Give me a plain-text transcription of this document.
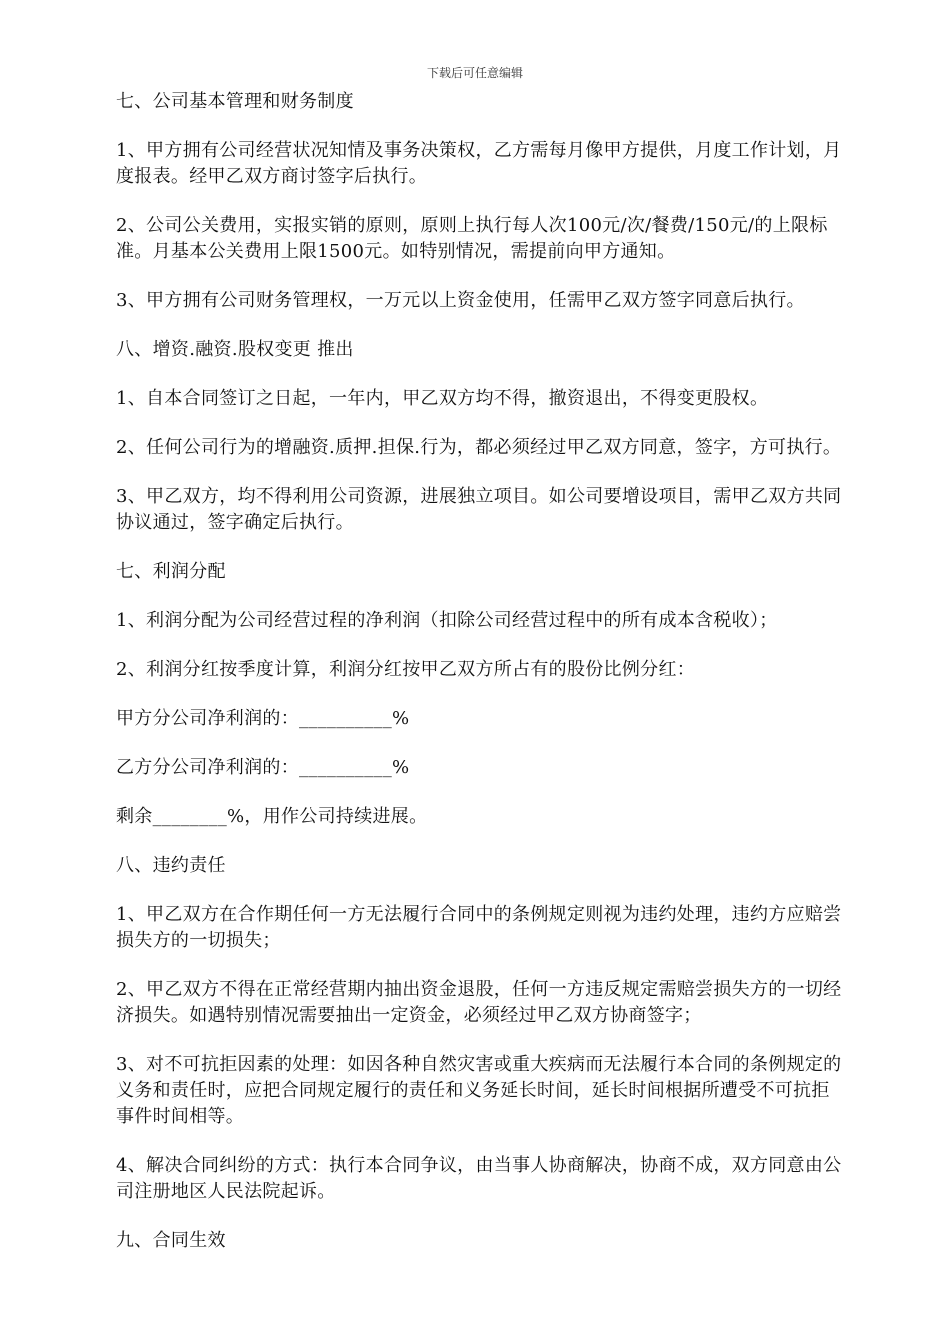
下载后可任意编辑

七、公司基本管理和财务制度

1、甲方拥有公司经营状况知情及事务决策权，乙方需每月像甲方提供，月度工作计划，月度报表。经甲乙双方商讨签字后执行。

2、公司公关费用，实报实销的原则，原则上执行每人次100元/次/餐费/150元/的上限标准。月基本公关费用上限1500元。如特别情况，需提前向甲方通知。

3、甲方拥有公司财务管理权，一万元以上资金使用，任需甲乙双方签字同意后执行。

八、增资.融资.股权变更 推出

1、自本合同签订之日起，一年内，甲乙双方均不得，撤资退出，不得变更股权。

2、任何公司行为的增融资.质押.担保.行为，都必须经过甲乙双方同意，签字，方可执行。

3、甲乙双方，均不得利用公司资源，进展独立项目。如公司要增设项目，需甲乙双方共同协议通过，签字确定后执行。

七、利润分配

1、利润分配为公司经营过程的净利润（扣除公司经营过程中的所有成本含税收）；

2、利润分红按季度计算，利润分红按甲乙双方所占有的股份比例分红：

甲方分公司净利润的：__________%

乙方分公司净利润的：__________%

剩余________%，用作公司持续进展。

八、违约责任

1、甲乙双方在合作期任何一方无法履行合同中的条例规定则视为违约处理，违约方应赔尝损失方的一切损失；

2、甲乙双方不得在正常经营期内抽出资金退股，任何一方违反规定需赔尝损失方的一切经济损失。如遇特别情况需要抽出一定资金，必须经过甲乙双方协商签字；

3、对不可抗拒因素的处理：如因各种自然灾害或重大疾病而无法履行本合同的条例规定的义务和责任时，应把合同规定履行的责任和义务延长时间，延长时间根据所遭受不可抗拒事件时间相等。

4、解决合同纠纷的方式：执行本合同争议，由当事人协商解决，协商不成，双方同意由公司注册地区人民法院起诉。

九、合同生效
